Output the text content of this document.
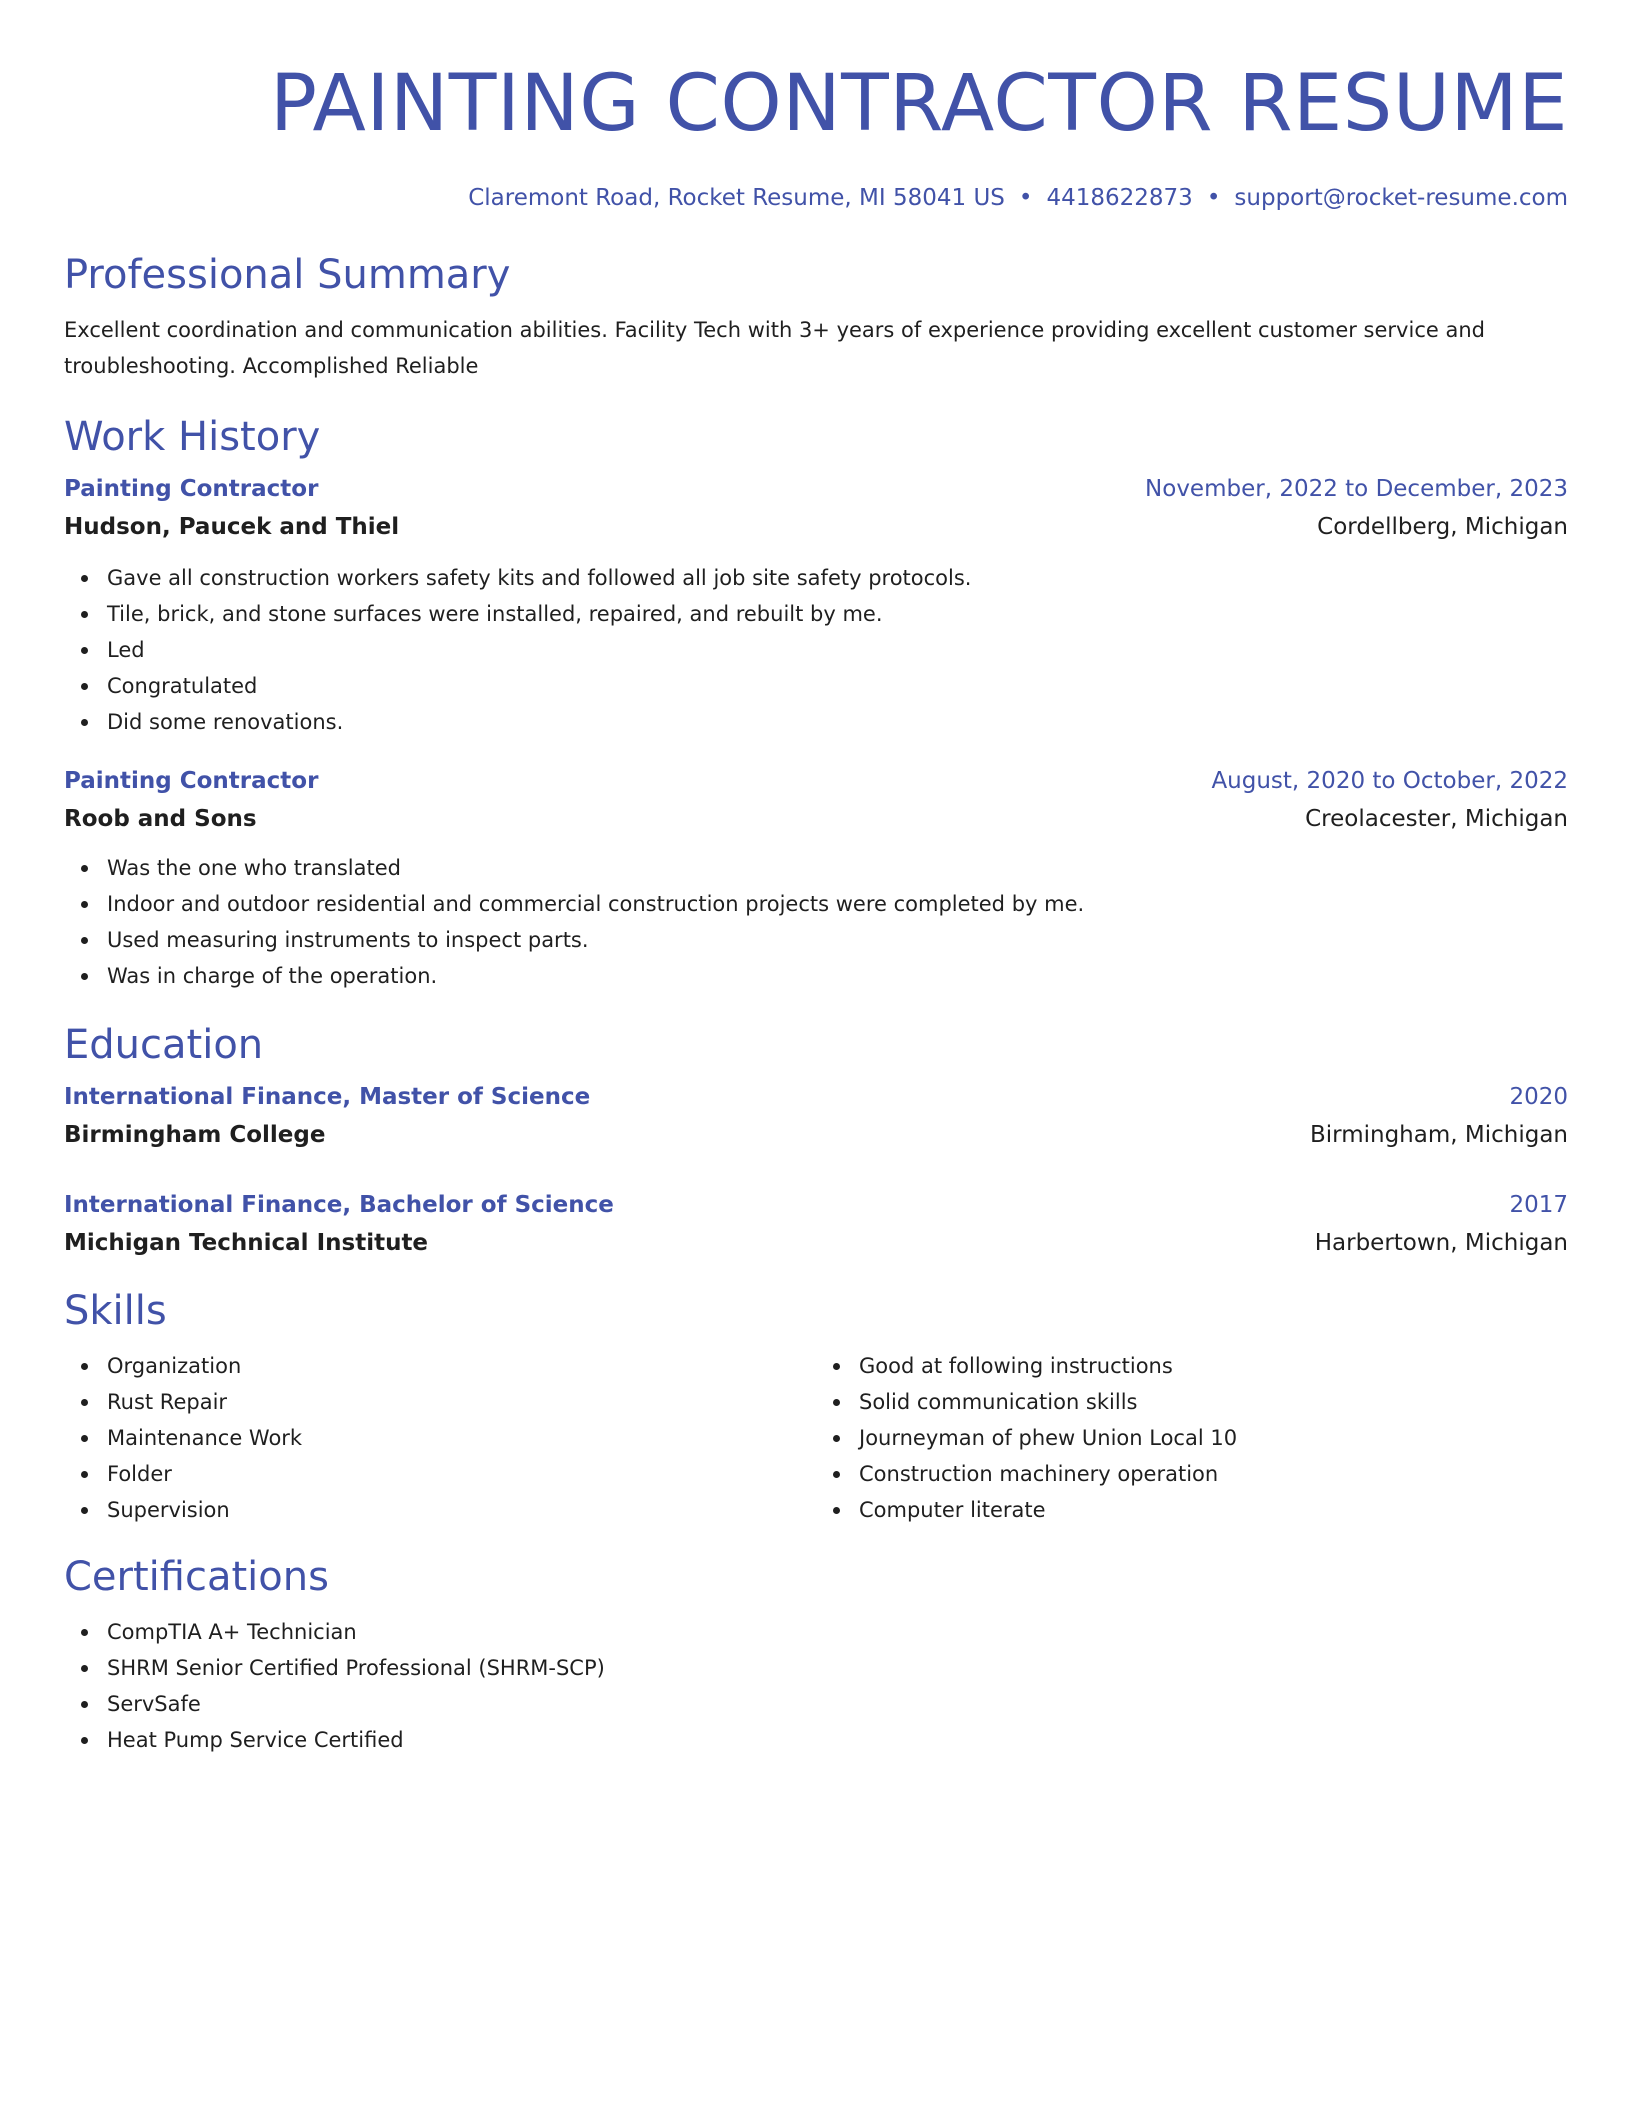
PAINTING CONTRACTOR RESUME
Claremont Road, Rocket Resume, MI 58041 US • 4418622873 • support@rocket-resume.com
Professional Summary
Excellent coordination and communication abilities. Facility Tech with 3+ years of experience providing excellent customer service and troubleshooting. Accomplished Reliable
Work History
Painting Contractor	November, 2022 to December, 2023
Hudson, Paucek and Thiel	Cordellberg, Michigan
Gave all construction workers safety kits and followed all job site safety protocols.
Tile, brick, and stone surfaces were installed, repaired, and rebuilt by me.
Led
Congratulated
Did some renovations.
Painting Contractor	August, 2020 to October, 2022
Roob and Sons	Creolacester, Michigan
Was the one who translated
Indoor and outdoor residential and commercial construction projects were completed by me.
Used measuring instruments to inspect parts.
Was in charge of the operation.
Education
International Finance, Master of Science	2020
Birmingham College	Birmingham, Michigan
International Finance, Bachelor of Science	2017
Michigan Technical Institute	Harbertown, Michigan
Skills
Organization
Rust Repair
Maintenance Work
Folder
Supervision
Good at following instructions
Solid communication skills
Journeyman of phew Union Local 10
Construction machinery operation
Computer literate
Certifications
CompTIA A+ Technician
SHRM Senior Certified Professional (SHRM-SCP)
ServSafe
Heat Pump Service Certified
